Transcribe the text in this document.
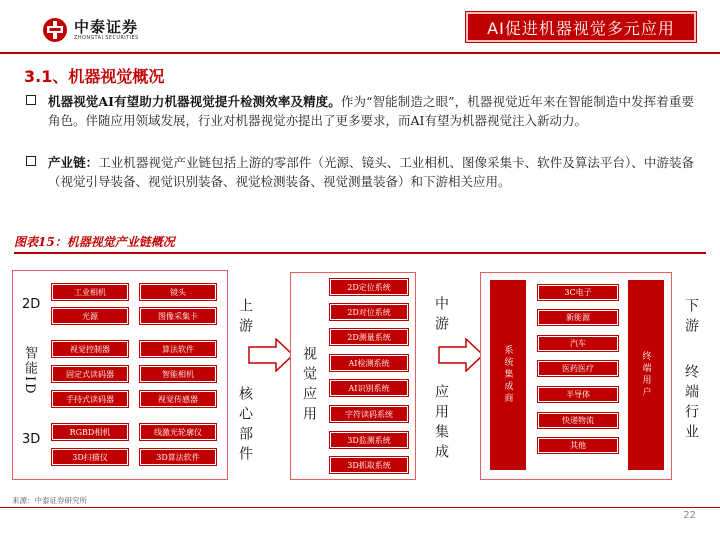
中泰证券
ZHONGTAI SECURITIES	AI促进机器视觉多元应用
3.1、机器视觉概况
机器视觉AI有望助力机器视觉提升检测效率及精度。作为“智能制造之眼”，机器视觉近年来在智能制造中发挥着重要角色。伴随应用领域发展，行业对机器视觉亦提出了更多要求，而AI有望为机器视觉注入新动力。
产业链：工业机器视觉产业链包括上游的零部件（光源、镜头、工业相机、图像采集卡、软件及算法平台）、中游装备（视觉引导装备、视觉识别装备、视觉检测装备、视觉测量装备）和下游相关应用。
图表15：机器视觉产业链概况
2D
智能ID
3D
工业相机	镜头
光源	图像采集卡
视觉控制器	算法软件
固定式读码器	智能相机
手持式读码器	视觉传感器
RGBD相机	线激光轮廓仪
3D扫描仪	3D算法软件
上游
核心部件	视觉应用
2D定位系统
2D对位系统
2D测量系统
AI检测系统
AI识别系统
字符读码系统
3D监测系统
3D抓取系统
中游
应用集成
系统集成商
3C电子
新能源
汽车
医药医疗
半导体
快递物流
其他
终端用户
下游
终端行业
来源：中泰证券研究所
22
